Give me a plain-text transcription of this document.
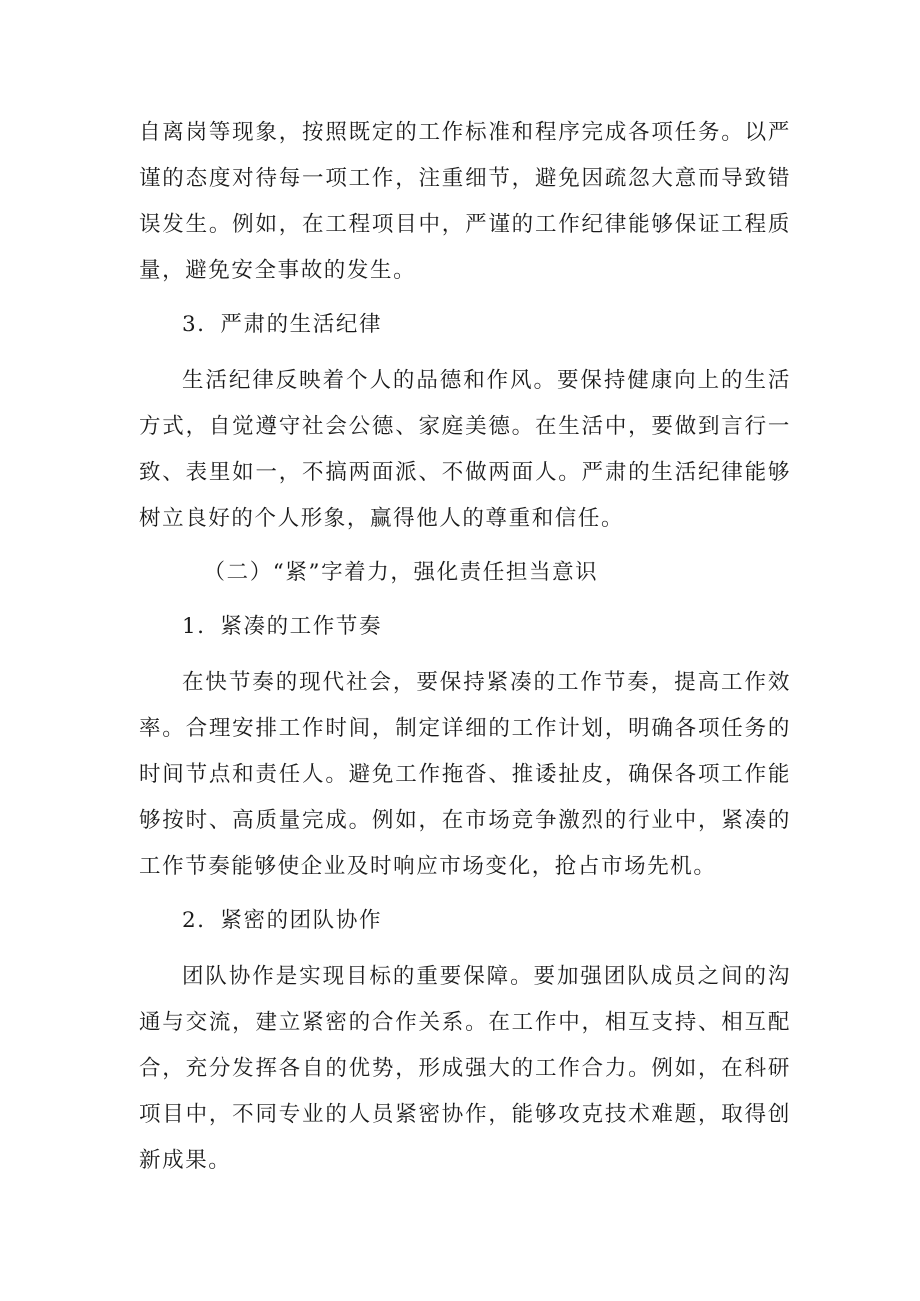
自离岗等现象，按照既定的工作标准和程序完成各项任务。以严谨的态度对待每一项工作，注重细节，避免因疏忽大意而导致错误发生。例如，在工程项目中，严谨的工作纪律能够保证工程质量，避免安全事故的发生。

3．严肃的生活纪律

生活纪律反映着个人的品德和作风。要保持健康向上的生活方式，自觉遵守社会公德、家庭美德。在生活中，要做到言行一致、表里如一，不搞两面派、不做两面人。严肃的生活纪律能够树立良好的个人形象，赢得他人的尊重和信任。

（二）“紧”字着力，强化责任担当意识
1．紧凑的工作节奏

在快节奏的现代社会，要保持紧凑的工作节奏，提高工作效率。合理安排工作时间，制定详细的工作计划，明确各项任务的时间节点和责任人。避免工作拖沓、推诿扯皮，确保各项工作能够按时、高质量完成。例如，在市场竞争激烈的行业中，紧凑的工作节奏能够使企业及时响应市场变化，抢占市场先机。

2．紧密的团队协作

团队协作是实现目标的重要保障。要加强团队成员之间的沟通与交流，建立紧密的合作关系。在工作中，相互支持、相互配合，充分发挥各自的优势，形成强大的工作合力。例如，在科研项目中，不同专业的人员紧密协作，能够攻克技术难题，取得创新成果。
